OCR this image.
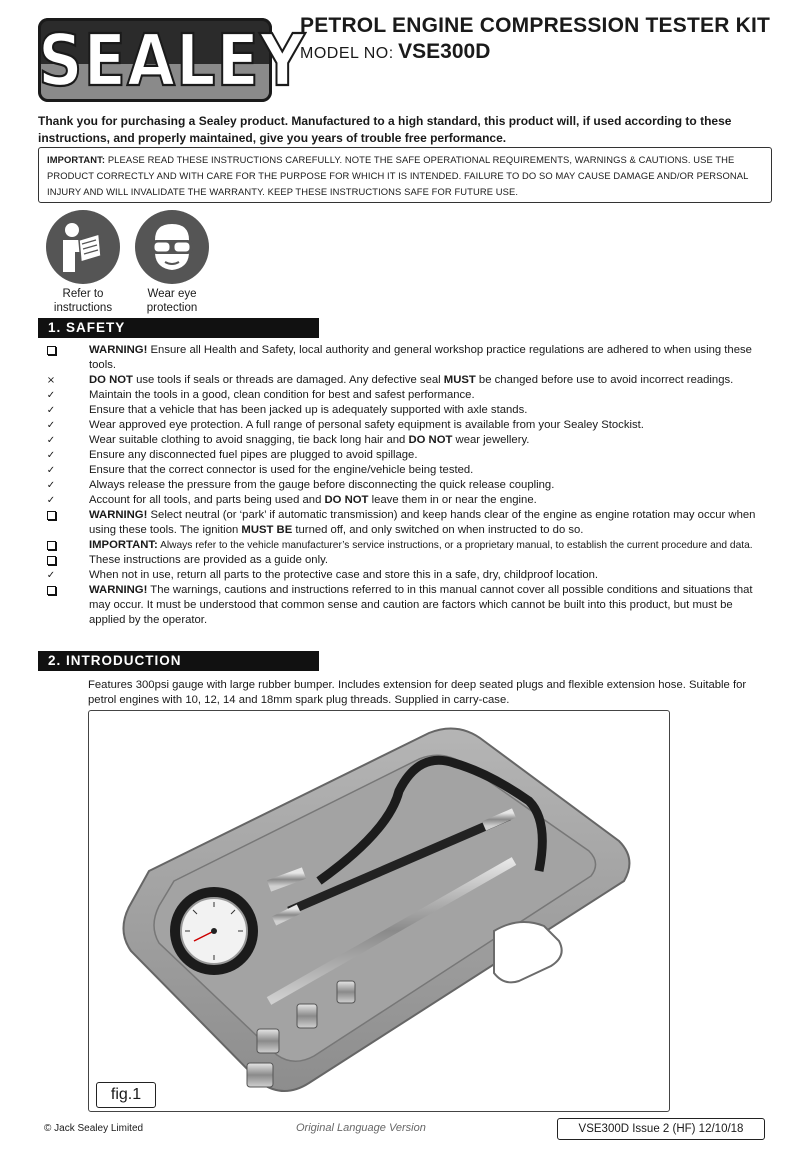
SEALEY
PETROL ENGINE COMPRESSION TESTER KIT
MODEL NO: VSE300D
Thank you for purchasing a Sealey product. Manufactured to a high standard, this product will, if used according to these instructions, and properly maintained, give you years of trouble free performance.
IMPORTANT: PLEASE READ THESE INSTRUCTIONS CAREFULLY. NOTE THE SAFE OPERATIONAL REQUIREMENTS, WARNINGS & CAUTIONS. USE THE PRODUCT CORRECTLY AND WITH CARE FOR THE PURPOSE FOR WHICH IT IS INTENDED. FAILURE TO DO SO MAY CAUSE DAMAGE AND/OR PERSONAL INJURY AND WILL INVALIDATE THE WARRANTY. KEEP THESE INSTRUCTIONS SAFE FOR FUTURE USE.
Refer to
instructions
Wear eye
protection
1. SAFETY
WARNING! Ensure all Health and Safety, local authority and general workshop practice regulations are adhered to when using these tools.
×	DO NOT use tools if seals or threads are damaged. Any defective seal MUST be changed before use to avoid incorrect readings.
✓	Maintain the tools in a good, clean condition for best and safest performance.
✓	Ensure that a vehicle that has been jacked up is adequately supported with axle stands.
✓	Wear approved eye protection. A full range of personal safety equipment is available from your Sealey Stockist.
✓	Wear suitable clothing to avoid snagging, tie back long hair and DO NOT wear jewellery.
✓	Ensure any disconnected fuel pipes are plugged to avoid spillage.
✓	Ensure that the correct connector is used for the engine/vehicle being tested.
✓	Always release the pressure from the gauge before disconnecting the quick release coupling.
✓	Account for all tools, and parts being used and DO NOT leave them in or near the engine.
WARNING! Select neutral (or ‘park’ if automatic transmission) and keep hands clear of the engine as engine rotation may occur when using these tools. The ignition MUST BE turned off, and only switched on when instructed to do so.
IMPORTANT: Always refer to the vehicle manufacturer’s service instructions, or a proprietary manual, to establish the current procedure and data.
These instructions are provided as a guide only.
✓	When not in use, return all parts to the protective case and store this in a safe, dry, childproof location.
WARNING! The warnings, cautions and instructions referred to in this manual cannot cover all possible conditions and situations that may occur. It must be understood that common sense and caution are factors which cannot be built into this product, but must be applied by the operator.
2. INTRODUCTION
Features 300psi gauge with large rubber bumper. Includes extension for deep seated plugs and flexible extension hose. Suitable for petrol engines with 10, 12, 14 and 18mm spark plug threads. Supplied in carry-case.
fig.1
© Jack Sealey Limited	Original Language Version	VSE300D Issue 2 (HF) 12/10/18
